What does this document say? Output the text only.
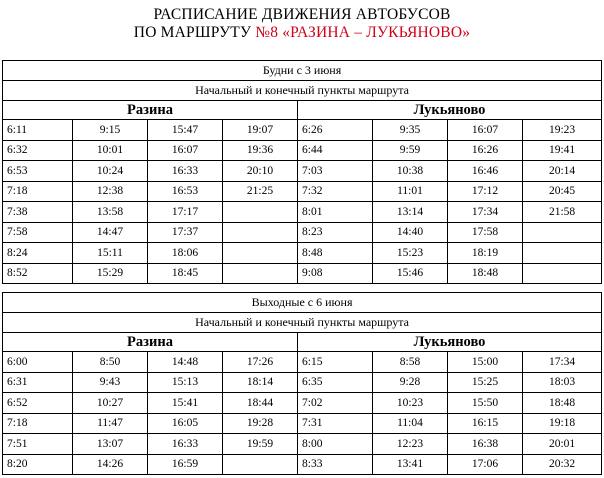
РАСПИСАНИЕ ДВИЖЕНИЯ АВТОБУСОВ
ПО МАРШРУТУ №8 «РАЗИНА – ЛУКЬЯНОВО»
Будни с 3 июня							
Начальный и конечный пункты маршрута							
Разина				Лукьяново			
6:11	9:15	15:47	19:07	6:26	9:35	16:07	19:23
6:32	10:01	16:07	19:36	6:44	9:59	16:26	19:41
6:53	10:24	16:33	20:10	7:03	10:38	16:46	20:14
7:18	12:38	16:53	21:25	7:32	11:01	17:12	20:45
7:38	13:58	17:17		8:01	13:14	17:34	21:58
7:58	14:47	17:37		8:23	14:40	17:58	
8:24	15:11	18:06		8:48	15:23	18:19	
8:52	15:29	18:45		9:08	15:46	18:48	
Выходные с 6 июня							
Начальный и конечный пункты маршрута							
Разина				Лукьяново			
6:00	8:50	14:48	17:26	6:15	8:58	15:00	17:34
6:31	9:43	15:13	18:14	6:35	9:28	15:25	18:03
6:52	10:27	15:41	18:44	7:02	10:23	15:50	18:48
7:18	11:47	16:05	19:28	7:31	11:04	16:15	19:18
7:51	13:07	16:33	19:59	8:00	12:23	16:38	20:01
8:20	14:26	16:59		8:33	13:41	17:06	20:32
